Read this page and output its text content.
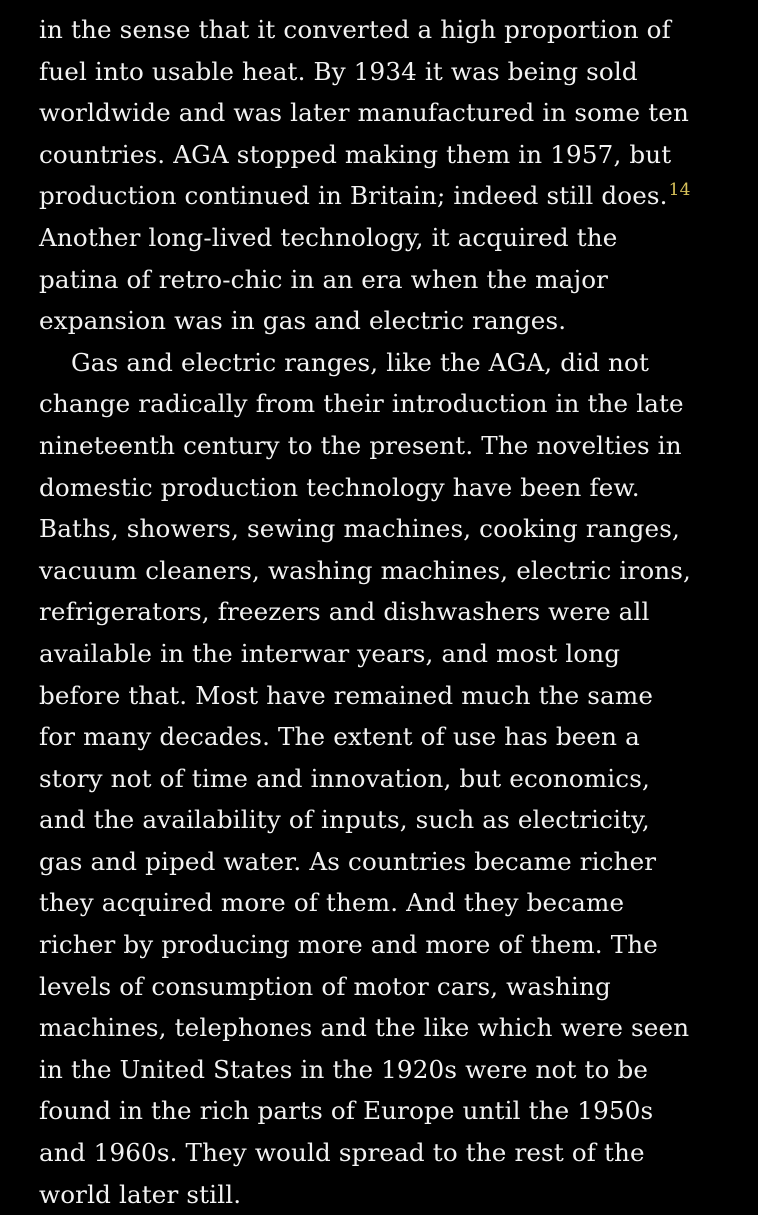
in the sense that it converted a high proportion of
fuel into usable heat. By 1934 it was being sold
worldwide and was later manufactured in some ten
countries. AGA stopped making them in 1957, but
production continued in Britain; indeed still does.$^{14}$
Another long-lived technology, it acquired the
patina of retro-chic in an era when the major
expansion was in gas and electric ranges.
Gas and electric ranges, like the AGA, did not
change radically from their introduction in the late
nineteenth century to the present. The novelties in
domestic production technology have been few.
Baths, showers, sewing machines, cooking ranges,
vacuum cleaners, washing machines, electric irons,
refrigerators, freezers and dishwashers were all
available in the interwar years, and most long
before that. Most have remained much the same
for many decades. The extent of use has been a
story not of time and innovation, but economics,
and the availability of inputs, such as electricity,
gas and piped water. As countries became richer
they acquired more of them. And they became
richer by producing more and more of them. The
levels of consumption of motor cars, washing
machines, telephones and the like which were seen
in the United States in the 1920s were not to be
found in the rich parts of Europe until the 1950s
and 1960s. They would spread to the rest of the
world later still.
